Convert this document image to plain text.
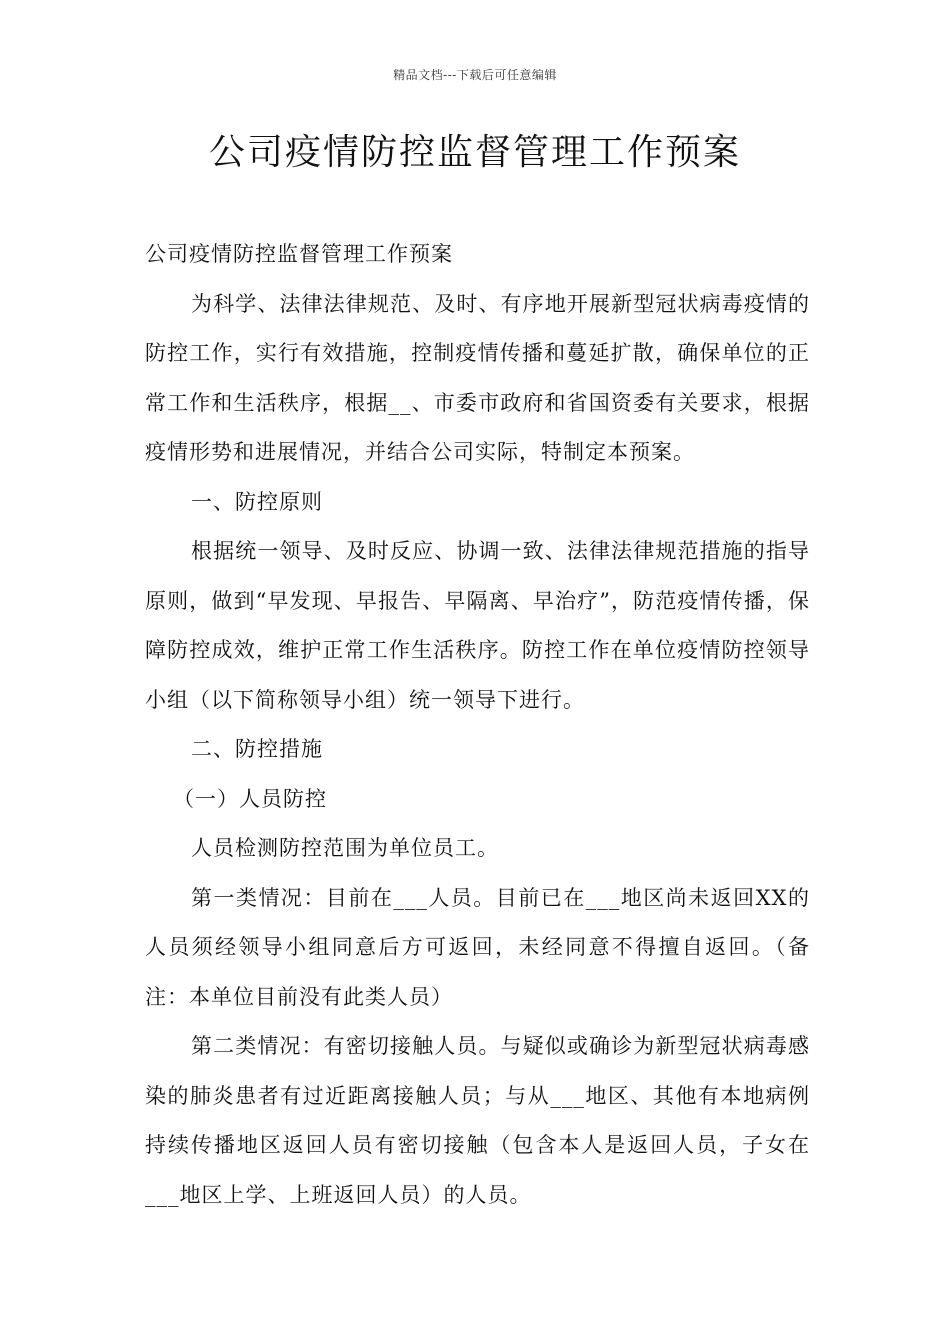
精品文档---下载后可任意编辑
公司疫情防控监督管理工作预案

公司疫情防控监督管理工作预案

为科学、法律法律规范、及时、有序地开展新型冠状病毒疫情的防控工作，实行有效措施，控制疫情传播和蔓延扩散，确保单位的正常工作和生活秩序，根据__、市委市政府和省国资委有关要求，根据疫情形势和进展情况，并结合公司实际，特制定本预案。

一、防控原则

根据统一领导、及时反应、协调一致、法律法律规范措施的指导原则，做到“早发现、早报告、早隔离、早治疗”，防范疫情传播，保障防控成效，维护正常工作生活秩序。防控工作在单位疫情防控领导小组（以下简称领导小组）统一领导下进行。

二、防控措施

（一）人员防控

人员检测防控范围为单位员工。

第一类情况：目前在___人员。目前已在___地区尚未返回XX的人员须经领导小组同意后方可返回，未经同意不得擅自返回。（备注：本单位目前没有此类人员）

第二类情况：有密切接触人员。与疑似或确诊为新型冠状病毒感染的肺炎患者有过近距离接触人员；与从___地区、其他有本地病例持续传播地区返回人员有密切接触（包含本人是返回人员，子女在___地区上学、上班返回人员）的人员。
